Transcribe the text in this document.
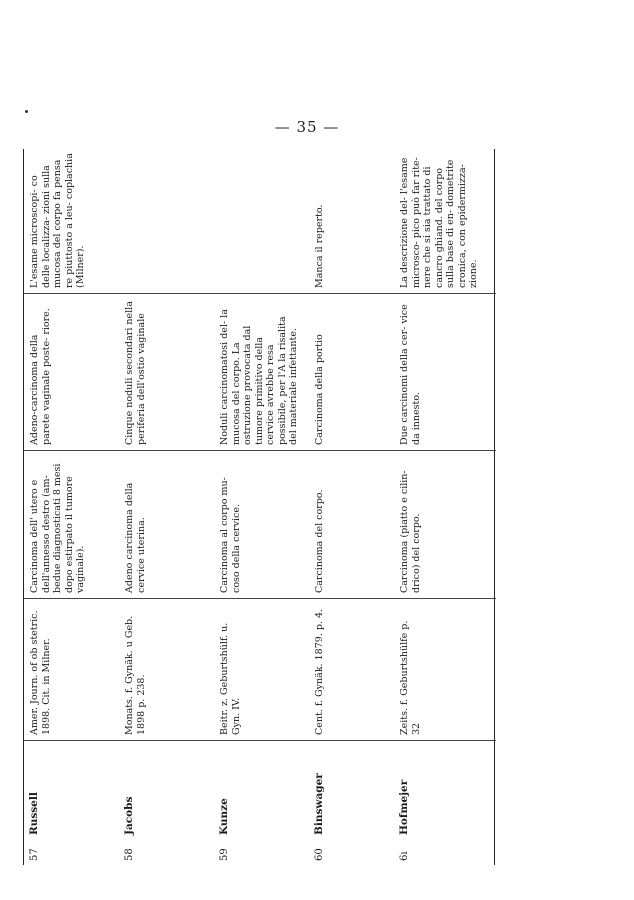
— 35 —
57
Russell
Amer. Journ. of ob stetric. 1898. Cit. in Milner.
Carcinoma dell' utero e dell'annesso destro (am- bedue diagnosticati 8 mesi dopo estirpato il tumore vaginale).
Adeno-carcinoma della parete vaginale poste- riore.
L'esame microscopi- co delle localizza- zioni sulla mucosa del corpo fa pensa re piuttosto a leu- coplachia (Milner).
58
Jacobs
Monats. f. Gynäk. u Geb. 1898 p. 238.
Adeno carcinoma della cervice uterina.
Cinque noduli secondari nella periferia dell'ostio vaginale
59
Kunze
Beitr. z. Geburtshülf. u. Gyn. IV.
Carcinoma al corpo mu- coso della cervice.
Noduli carcinomatosi del- la mucosa del corpo. La ostruzione provocata dal tumore primitivo della cervice avrebbe resa possibile, per l'A la risalita del materiale infettante.
60
Binswager
Cent. f. Gynäk. 1879. p. 4.
Carcinoma del corpo.
Carcinoma della portio
Manca il reperto.
6ı
Hofmejer
Zeits. f. Geburtshülfe p. 32
Carcinoma (piatto e cilin- drico) del corpo.
Due carcinomi della cer- vice da innesto.
La descrizione del- l'esame microsco- pico può far rite- nere che si sia trattato di cancro ghiand. del corpo sulla base di en- dometrite cronica, con epidermizza- zione.
